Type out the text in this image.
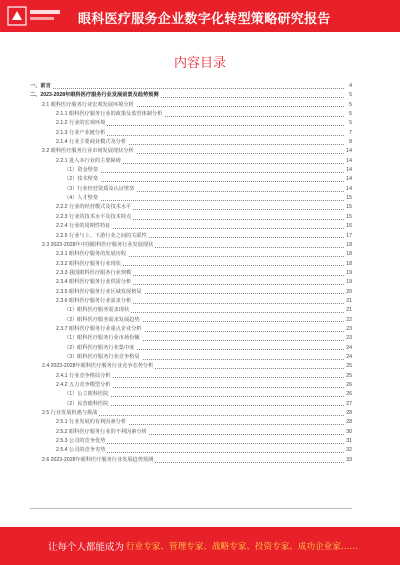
眼科医疗服务企业数字化转型策略研究报告
内容目录
一、前言	4
二、2023-2028年眼科医疗服务行业发展前景及趋势预测	5
2.1 眼科医疗服务行业宏观发展环境分析	5
2.1.1 眼科医疗服务行业的政策及监管体制分析	5
2.1.2 行业的宏观环境	5
2.1.3 行业产业链分析	7
2.1.4 行业主要商业模式及分析	8
2.2 眼科医疗服务行业市场发展现状分析	14
2.2.1 进入本行业的主要障碍	14
（1）资金壁垒	14
（2）技术壁垒	14
（3）行业经营资质及认证壁垒	14
（4）人才壁垒	15
2.2.2 行业的经营模式及技术水平	15
2.2.3 行业的技术水平及技术特点	15
2.2.4 行业的周期性特征	16
2.2.5 行业与上、下游行业之间的关联性	17
2.3 2023-2028年中国眼科医疗服务行业发展现状	18
2.3.1 眼科医疗服务的发展历程	18
2.3.2 眼科医疗服务行业现状	18
2.3.3 我国眼科医疗服务行业规模	19
2.3.4 眼科医疗服务行业供需分析	19
2.3.5 眼科医疗服务行业区域发展格局	20
2.3.6 眼科医疗服务行业需求分析	21
（1）眼科医疗服务需求现状	21
（2）眼科医疗服务需求发展趋势	22
2.3.7 眼科医疗服务行业重点企业分析	23
（1）眼科医疗服务行业市场份额	23
（2）眼科医疗服务行业集中度	24
（3）眼科医疗服务行业竞争格局	24
2.4 2023-2028年眼科医疗服务行业竞争态势分析	25
2.4.1 行业竞争格局分析	25
2.4.2 五力竞争模型分析	26
（1）公立眼科医院	26
（2）民营眼科医院	27
2.5 行业发展机遇与挑战	28
2.5.1 行业发展的有利因素分析	28
2.5.2 眼科医疗服务行业的不利因素分析	30
2.5.3 公司的竞争优势	31
2.5.4 公司的竞争劣势	32
2.6 2023-2028年眼科医疗服务行业发展趋势预测	33
让每个人都能成为 行业专家、管理专家、战略专家、投资专家、成功企业家……
